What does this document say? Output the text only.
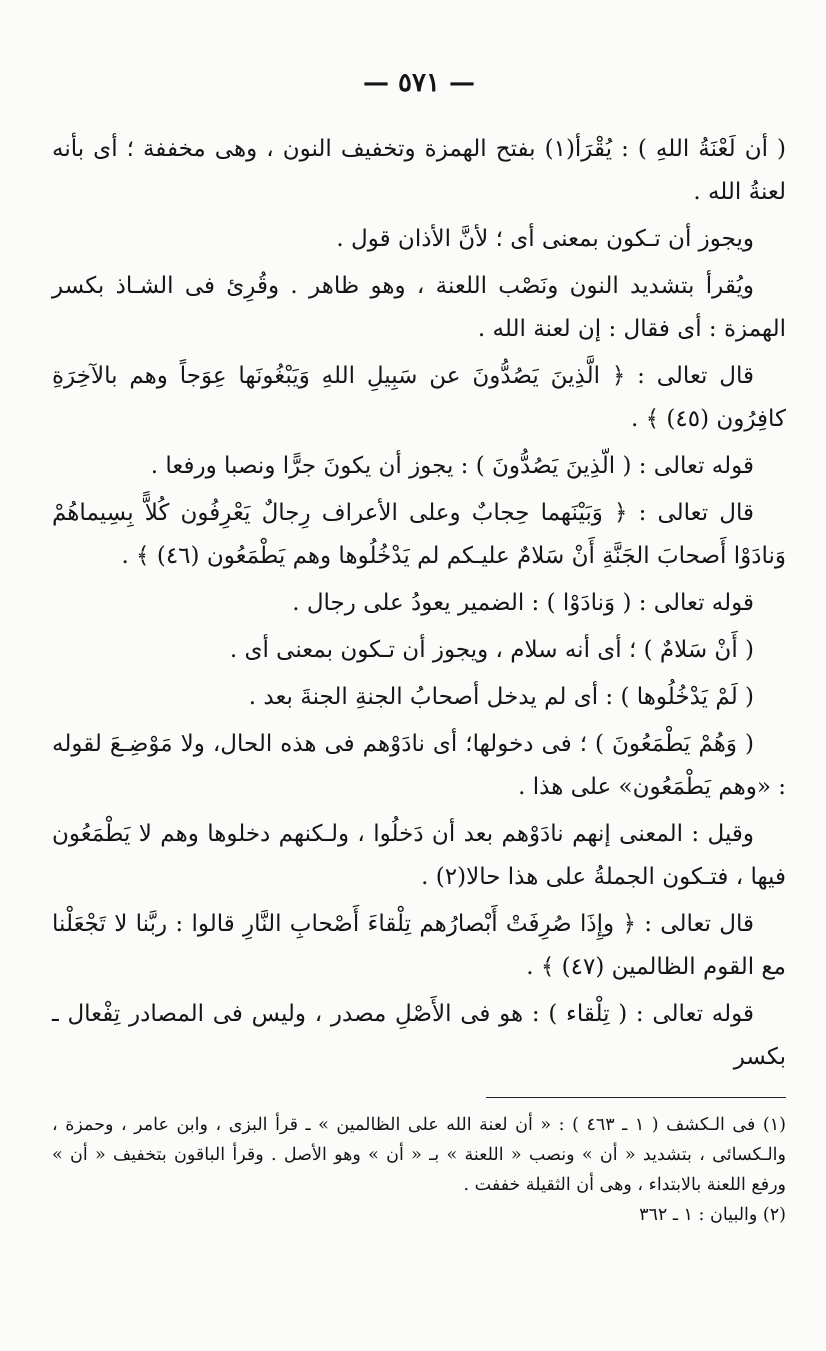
— ٥٧١ —

( أن لَعْنَةُ اللهِ ) : يُقْرَأ(١) بفتح الهمزة وتخفيف النون ، وهى مخففة ؛ أى بأنه لعنةُ الله .

ويجوز أن تـكون بمعنى أى ؛ لأنَّ الأذان قول .

ويُقرأ بتشديد النون ونَصْب اللعنة ، وهو ظاهر . وقُرِئ فى الشـاذ بكسر الهمزة : أى فقال : إن لعنة الله .

قال تعالى : ﴿ الَّذِينَ يَصُدُّونَ عن سَبِيلِ اللهِ وَيَبْغُونَها عِوَجاً وهم بالآخِرَةِ كافِرُون (٤٥) ﴾ .

قوله تعالى : ( الّذِينَ يَصُدُّونَ ) : يجوز أن يكونَ جرًّا ونصبا ورفعا .

قال تعالى : ﴿ وَبَيْنَهما حِجابٌ وعلى الأعراف رِجالٌ يَعْرِفُون كُلاًّ بِسِيماهُمْ وَنادَوْا أَصحابَ الجَنَّةِ أَنْ سَلامٌ عليـكم لم يَدْخُلُوها وهم يَطْمَعُون (٤٦) ﴾ .

قوله تعالى : ( وَنادَوْا ) : الضمير يعودُ على رجال .

( أَنْ سَلامٌ ) ؛ أى أنه سلام ، ويجوز أن تـكون بمعنى أى .

( لَمْ يَدْخُلُوها ) : أى لم يدخل أصحابُ الجنةِ الجنةَ بعد .

( وَهُمْ يَطْمَعُونَ ) ؛ فى دخولها؛ أى نادَوْهم فى هذه الحال، ولا مَوْضِـعَ لقوله : «وهم يَطْمَعُون» على هذا .

وقيل : المعنى إنهم نادَوْهم بعد أن دَخلُوا ، ولـكنهم دخلوها وهم لا يَطْمَعُون فيها ، فتـكون الجملةُ على هذا حالا(٢) .

قال تعالى : ﴿ وإِذَا صُرِفَتْ أَبْصارُهم تِلْقاءَ أَصْحابِ النَّارِ قالوا : ربَّنا لا تَجْعَلْنا مع القوم الظالمين (٤٧) ﴾ .

قوله تعالى : ( تِلْقاء ) : هو فى الأَصْلِ مصدر ، وليس فى المصادر تِفْعال ـ بكسر

(١) فى الـكشف ( ١ ـ ٤٦٣ ) : « أن لعنة الله على الظالمين » ـ قرأ البزى ، وابن عامر ، وحمزة ، والـكسائى ، بتشديد « أن » ونصب « اللعنة » بـ « أن » وهو الأصل . وقرأ الباقون بتخفيف « أن » ورفع اللعنة بالابتداء ، وهى أن الثقيلة خففت .

(٢) والبيان : ١ ـ ٣٦٢
